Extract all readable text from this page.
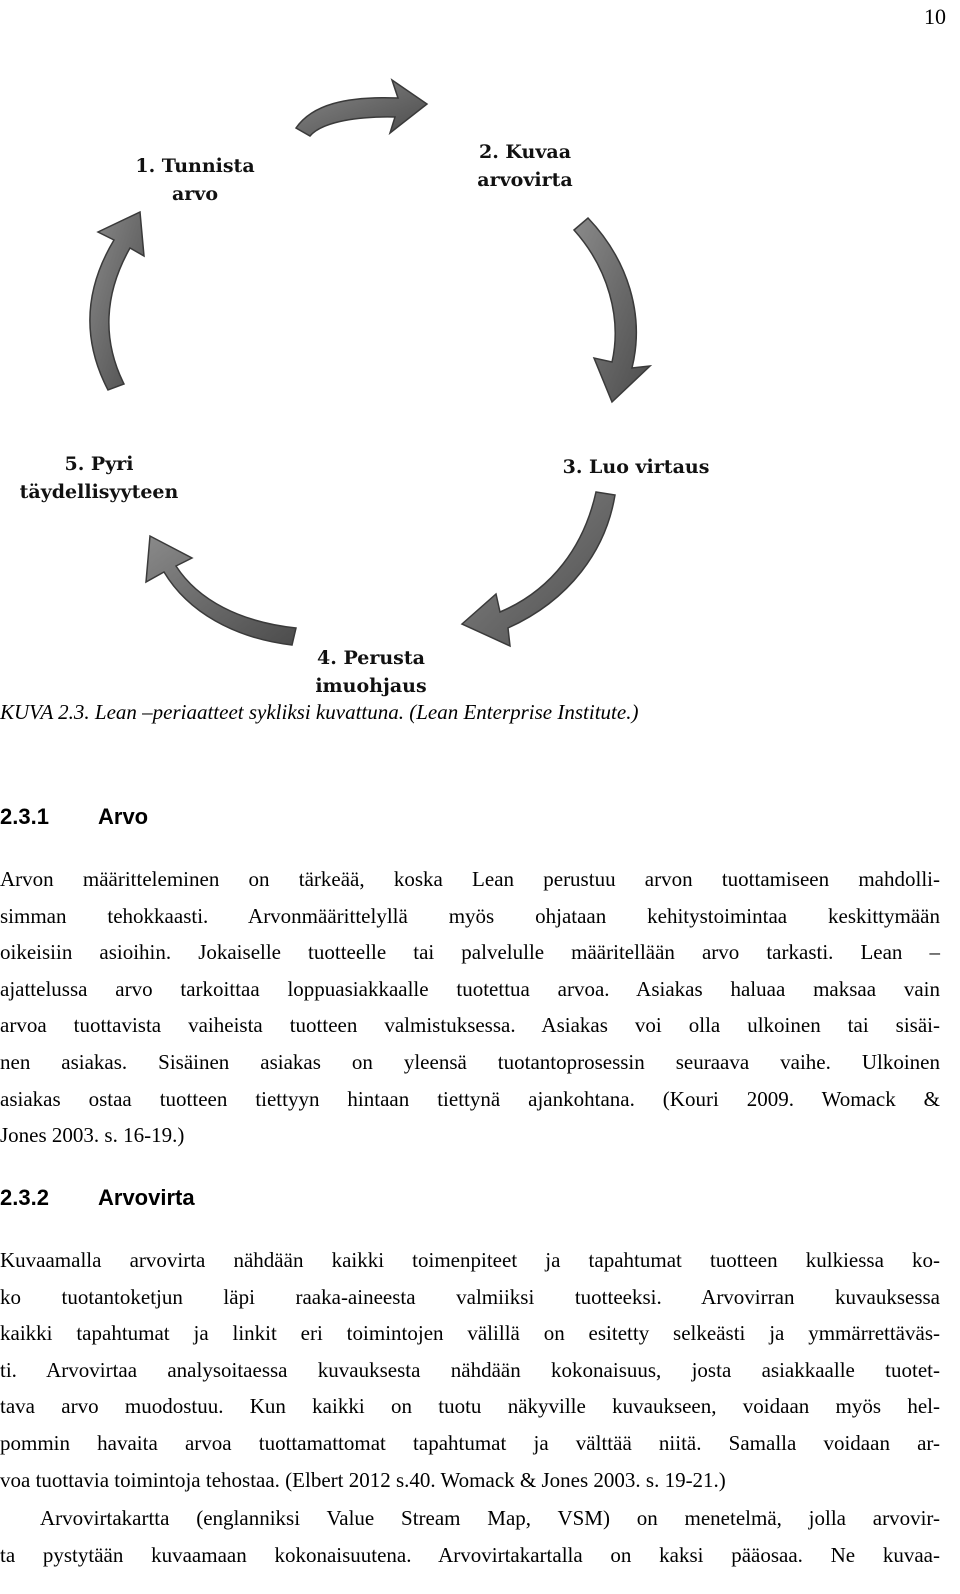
10
1. Tunnista
arvo
2. Kuvaa
arvovirta
3. Luo virtaus
4. Perusta
imuohjaus
5. Pyri
täydellisyyteen
KUVA 2.3. Lean –periaatteet sykliksi kuvattuna. (Lean Enterprise Institute.)
2.3.1 Arvo
Arvon määritteleminen on tärkeää, koska Lean perustuu arvon tuottamiseen mahdolli-
simman tehokkaasti. Arvonmäärittelyllä myös ohjataan kehitystoimintaa keskittymään
oikeisiin asioihin. Jokaiselle tuotteelle tai palvelulle määritellään arvo tarkasti. Lean –
ajattelussa arvo tarkoittaa loppuasiakkaalle tuotettua arvoa. Asiakas haluaa maksaa vain
arvoa tuottavista vaiheista tuotteen valmistuksessa. Asiakas voi olla ulkoinen tai sisäi-
nen asiakas. Sisäinen asiakas on yleensä tuotantoprosessin seuraava vaihe. Ulkoinen
asiakas ostaa tuotteen tiettyyn hintaan tiettynä ajankohtana. (Kouri 2009. Womack &
Jones 2003. s. 16-19.)
2.3.2 Arvovirta
Kuvaamalla arvovirta nähdään kaikki toimenpiteet ja tapahtumat tuotteen kulkiessa ko-
ko tuotantoketjun läpi raaka-aineesta valmiiksi tuotteeksi. Arvovirran kuvauksessa
kaikki tapahtumat ja linkit eri toimintojen välillä on esitetty selkeästi ja ymmärrettäväs-
ti. Arvovirtaa analysoitaessa kuvauksesta nähdään kokonaisuus, josta asiakkaalle tuotet-
tava arvo muodostuu. Kun kaikki on tuotu näkyville kuvaukseen, voidaan myös hel-
pommin havaita arvoa tuottamattomat tapahtumat ja välttää niitä. Samalla voidaan ar-
voa tuottavia toimintoja tehostaa. (Elbert 2012 s.40. Womack & Jones 2003. s. 19-21.)
Arvovirtakartta (englanniksi Value Stream Map, VSM) on menetelmä, jolla arvovir-
ta pystytään kuvaamaan kokonaisuutena. Arvovirtakartalla on kaksi pääosaa. Ne kuvaa-
